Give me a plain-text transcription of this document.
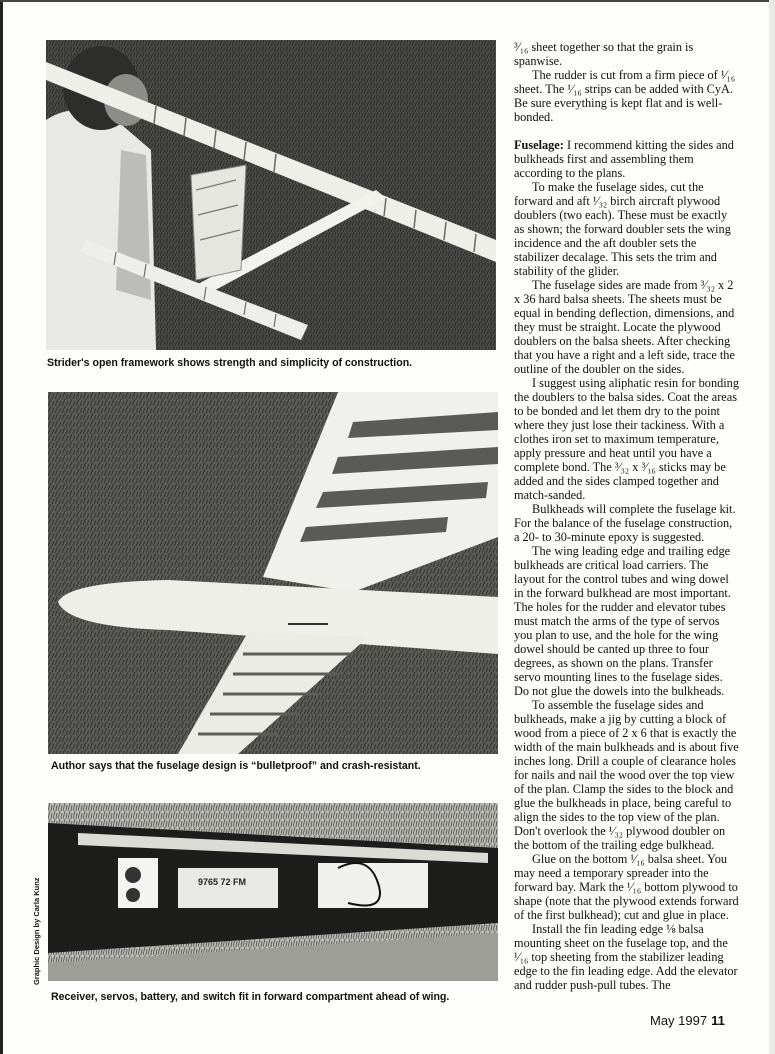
Strider's open framework shows strength and simplicity of construction.
Author says that the fuselage design is “bulletproof” and crash-resistant.
9765 72 FM
Receiver, servos, battery, and switch fit in forward compartment ahead of wing.
Graphic Design by Carla Kunz

³⁄₁₆ sheet together so that the grain is spanwise.

The rudder is cut from a firm piece of ¹⁄₁₆ sheet. The ¹⁄₁₆ strips can be added with CyA. Be sure everything is kept flat and is well-bonded.

Fuselage: I recommend kitting the sides and bulkheads first and assembling them according to the plans.

To make the fuselage sides, cut the forward and aft ¹⁄₃₂ birch aircraft plywood doublers (two each). These must be exactly as shown; the forward doubler sets the wing incidence and the aft doubler sets the stabilizer decalage. This sets the trim and stability of the glider.

The fuselage sides are made from ³⁄₃₂ x 2 x 36 hard balsa sheets. The sheets must be equal in bending deflection, dimensions, and they must be straight. Locate the plywood doublers on the balsa sheets. After checking that you have a right and a left side, trace the outline of the doubler on the sides.

I suggest using aliphatic resin for bonding the doublers to the balsa sides. Coat the areas to be bonded and let them dry to the point where they just lose their tackiness. With a clothes iron set to maximum temperature, apply pressure and heat until you have a complete bond. The ³⁄₃₂ x ³⁄₁₆ sticks may be added and the sides clamped together and match-sanded.

Bulkheads will complete the fuselage kit. For the balance of the fuselage construction, a 20- to 30-minute epoxy is suggested.

The wing leading edge and trailing edge bulkheads are critical load carriers. The layout for the control tubes and wing dowel in the forward bulkhead are most important. The holes for the rudder and elevator tubes must match the arms of the type of servos you plan to use, and the hole for the wing dowel should be canted up three to four degrees, as shown on the plans. Transfer servo mounting lines to the fuselage sides. Do not glue the dowels into the bulkheads.

To assemble the fuselage sides and bulkheads, make a jig by cutting a block of wood from a piece of 2 x 6 that is exactly the width of the main bulkheads and is about five inches long. Drill a couple of clearance holes for nails and nail the wood over the top view of the plan. Clamp the sides to the block and glue the bulkheads in place, being careful to align the sides to the top view of the plan. Don't overlook the ¹⁄₃₂ plywood doubler on the bottom of the trailing edge bulkhead.

Glue on the bottom ¹⁄₁₆ balsa sheet. You may need a temporary spreader into the forward bay. Mark the ¹⁄₁₆ bottom plywood to shape (note that the plywood extends forward of the first bulkhead); cut and glue in place.

Install the fin leading edge ⅛ balsa mounting sheet on the fuselage top, and the ¹⁄₁₆ top sheeting from the stabilizer leading edge to the fin leading edge. Add the elevator and rudder push-pull tubes. The

May 1997 11
